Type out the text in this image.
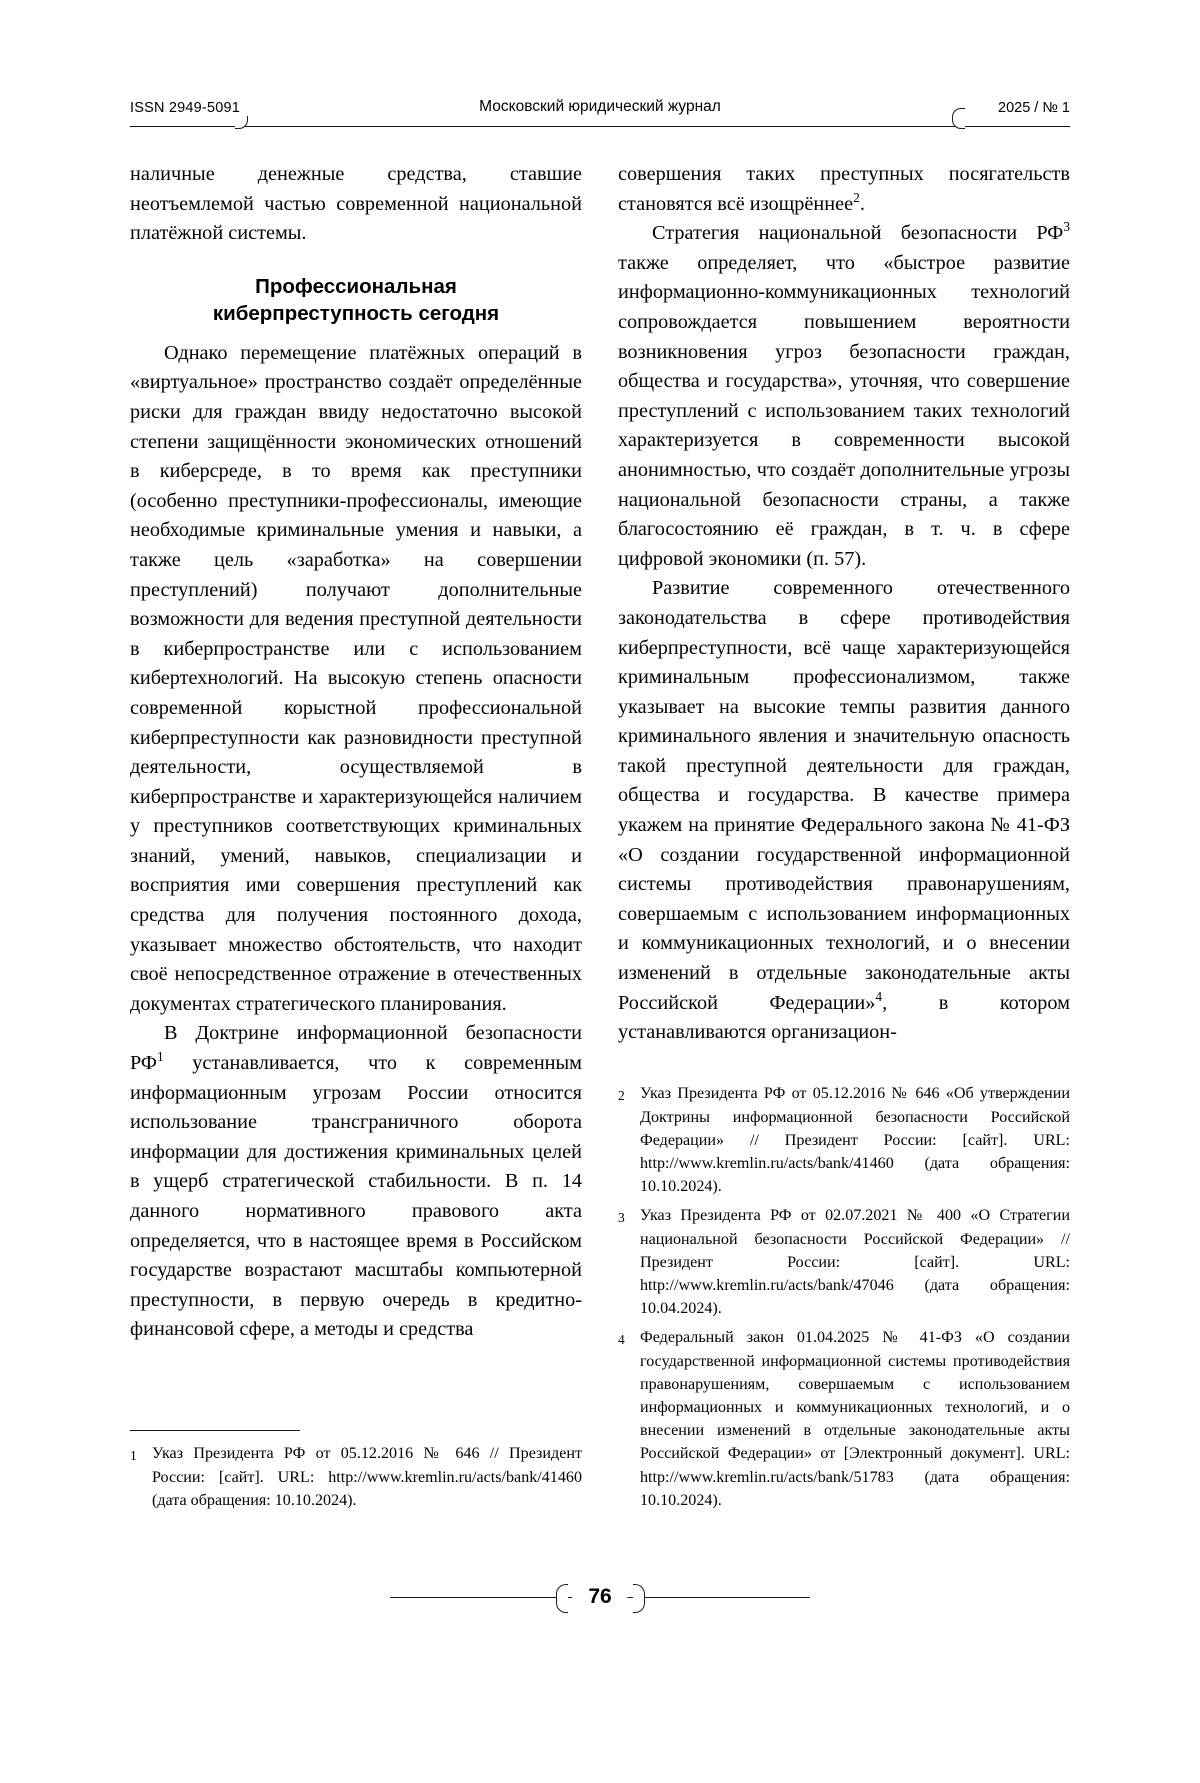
ISSN 2949-5091	Московский юридический журнал	2025 / № 1

наличные денежные средства, ставшие неотъемлемой частью современной национальной платёжной системы.

Профессиональная
киберпреступность сегодня

Однако перемещение платёжных операций в «виртуальное» пространство создаёт определённые риски для граждан ввиду недостаточно высокой степени защищённости экономических отношений в киберсреде, в то время как преступники (особенно преступники-профессионалы, имеющие необходимые криминальные умения и навыки, а также цель «заработка» на совершении преступлений) получают дополнительные возможности для ведения преступной деятельности в киберпространстве или с использованием кибертехнологий. На высокую степень опасности современной корыстной профессиональной киберпреступности как разновидности преступной деятельности, осуществляемой в киберпространстве и характеризующейся наличием у преступников соответствующих криминальных знаний, умений, навыков, специализации и восприятия ими совершения преступлений как средства для получения постоянного дохода, указывает множество обстоятельств, что находит своё непосредственное отражение в отечественных документах стратегического планирования.

В Доктрине информационной безопасности $РФ^1$ устанавливается, что к современным информационным угрозам России относится использование трансграничного оборота информации для достижения криминальных целей в ущерб стратегической стабильности. В п. 14 данного нормативного правового акта определяется, что в настоящее время в Российском государстве возрастают масштабы компьютерной преступности, в первую очередь в кредитно-финансовой сфере, а методы и средства

совершения таких преступных посягательств становятся всё изощрённее$^2$.

Стратегия национальной безопасности $РФ^3$ также определяет, что «быстрое развитие информационно-коммуникационных технологий сопровождается повышением вероятности возникновения угроз безопасности граждан, общества и государства», уточняя, что совершение преступлений с использованием таких технологий характеризуется в современности высокой анонимностью, что создаёт дополнительные угрозы национальной безопасности страны, а также благосостоянию её граждан, в т. ч. в сфере цифровой экономики (п. 57).

Развитие современного отечественного законодательства в сфере противодействия киберпреступности, всё чаще характеризующейся криминальным профессионализмом, также указывает на высокие темпы развития данного криминального явления и значительную опасность такой преступной деятельности для граждан, общества и государства. В качестве примера укажем на принятие Федерального закона № 41-ФЗ «О создании государственной информационной системы противодействия правонарушениям, совершаемым с использованием информационных и коммуникационных технологий, и о внесении изменений в отдельные законодательные акты Российской Федерации»$^4$, в котором устанавливаются организацион-

1 Указ Президента РФ от 05.12.2016 № 646 // Президент России: [сайт]. URL: http://www.kremlin.ru/acts/bank/41460 (дата обращения: 10.10.2024).
2 Указ Президента РФ от 05.12.2016 № 646 «Об утверждении Доктрины информационной безопасности Российской Федерации» // Президент России: [сайт]. URL: http://www.kremlin.ru/acts/bank/41460 (дата обращения: 10.10.2024).
3 Указ Президента РФ от 02.07.2021 № 400 «О Стратегии национальной безопасности Российской Федерации» // Президент России: [сайт]. URL: http://www.kremlin.ru/acts/bank/47046 (дата обращения: 10.04.2024).
4 Федеральный закон 01.04.2025 № 41-ФЗ «О создании государственной информационной системы противодействия правонарушениям, совершаемым с использованием информационных и коммуникационных технологий, и о внесении изменений в отдельные законодательные акты Российской Федерации» от [Электронный документ]. URL: http://www.kremlin.ru/acts/bank/51783 (дата обращения: 10.10.2024).
76
